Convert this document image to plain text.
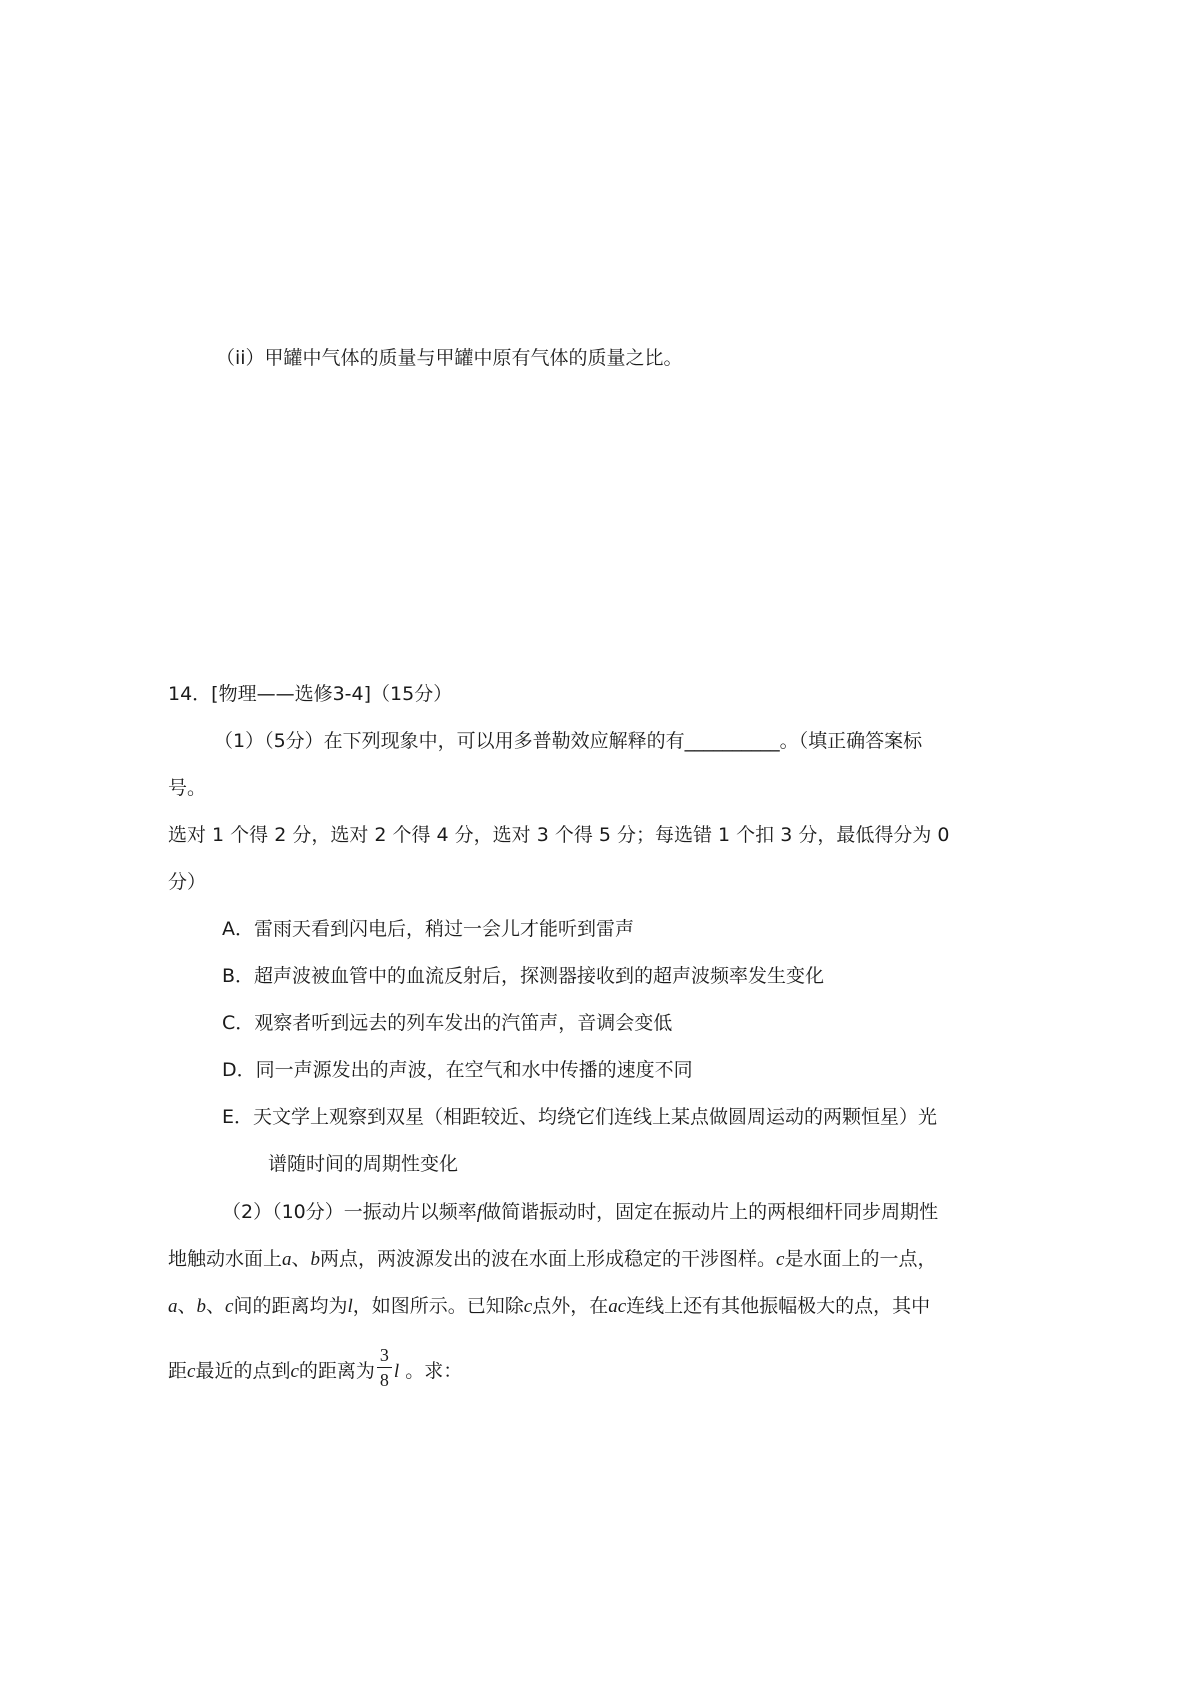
（ii）甲罐中气体的质量与甲罐中原有气体的质量之比。
14．[物理——选修3-4]（15分）
（1）（5分）在下列现象中，可以用多普勒效应解释的有__________。（填正确答案标
号。
选对 1 个得 2 分，选对 2 个得 4 分，选对 3 个得 5 分；每选错 1 个扣 3 分，最低得分为 0
分）
A．雷雨天看到闪电后，稍过一会儿才能听到雷声
B．超声波被血管中的血流反射后，探测器接收到的超声波频率发生变化
C．观察者听到远去的列车发出的汽笛声，音调会变低
D．同一声源发出的声波，在空气和水中传播的速度不同
E．天文学上观察到双星（相距较近、均绕它们连线上某点做圆周运动的两颗恒星）光
谱随时间的周期性变化
（2）（10分）一振动片以频率f做简谐振动时，固定在振动片上的两根细杆同步周期性
地触动水面上a、b两点，两波源发出的波在水面上形成稳定的干涉图样。c是水面上的一点，
a、b、c间的距离均为l，如图所示。已知除c点外，在ac连线上还有其他振幅极大的点，其中
距c最近的点到c的距离为 $\frac{3}{8}$ l 。求：
